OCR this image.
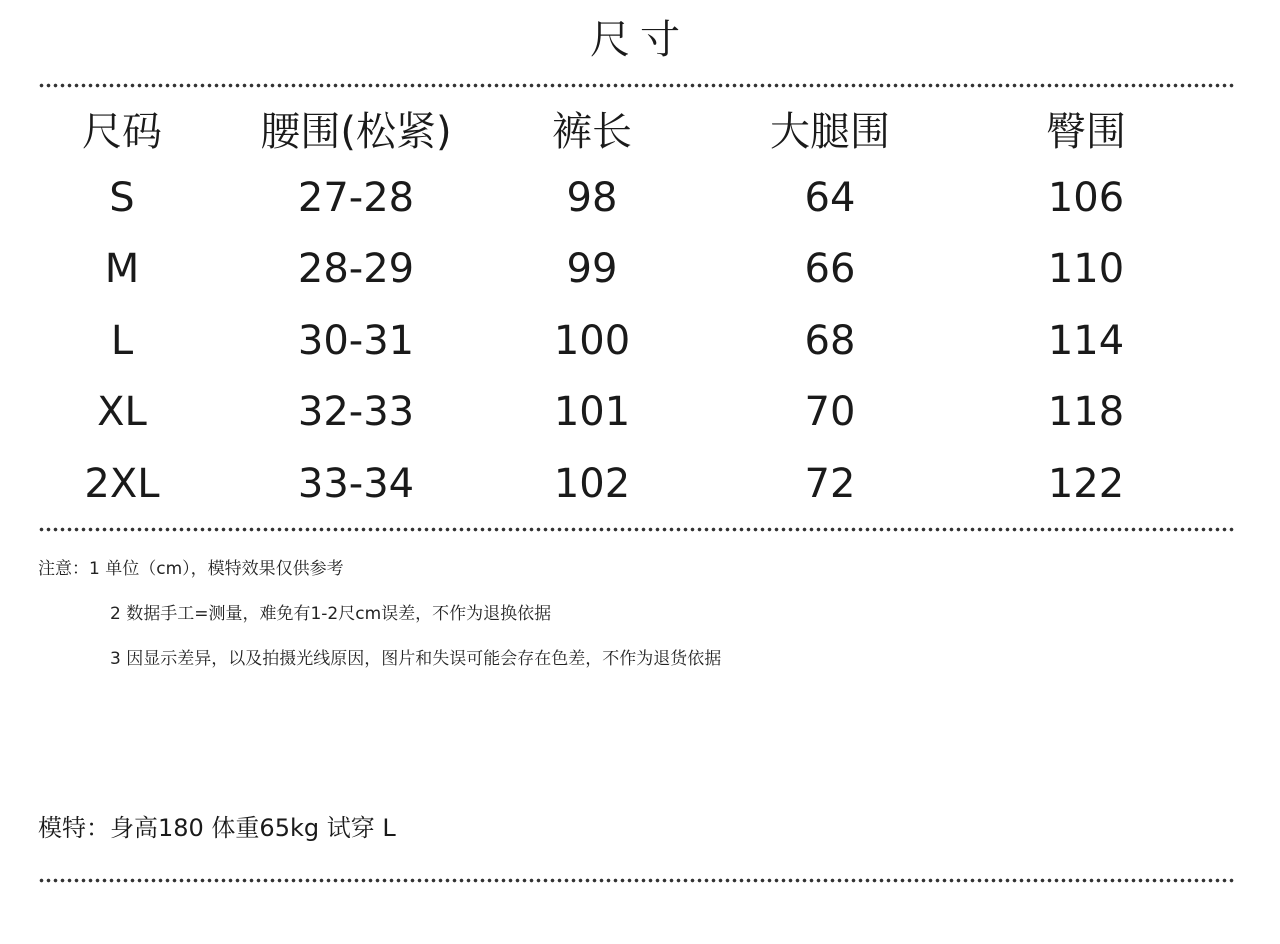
尺寸
尺码	腰围(松紧)	裤长	大腿围	臀围
S	27-28	98	64	106
M	28-29	99	66	110
L	30-31	100	68	114
XL	32-33	101	70	118
2XL	33-34	102	72	122
注意：1 单位（cm），模特效果仅供参考
2 数据手工=测量，难免有1-2尺cm误差，不作为退换依据
3 因显示差异，以及拍摄光线原因，图片和失误可能会存在色差，不作为退货依据
模特：身高180 体重65kg 试穿 L
